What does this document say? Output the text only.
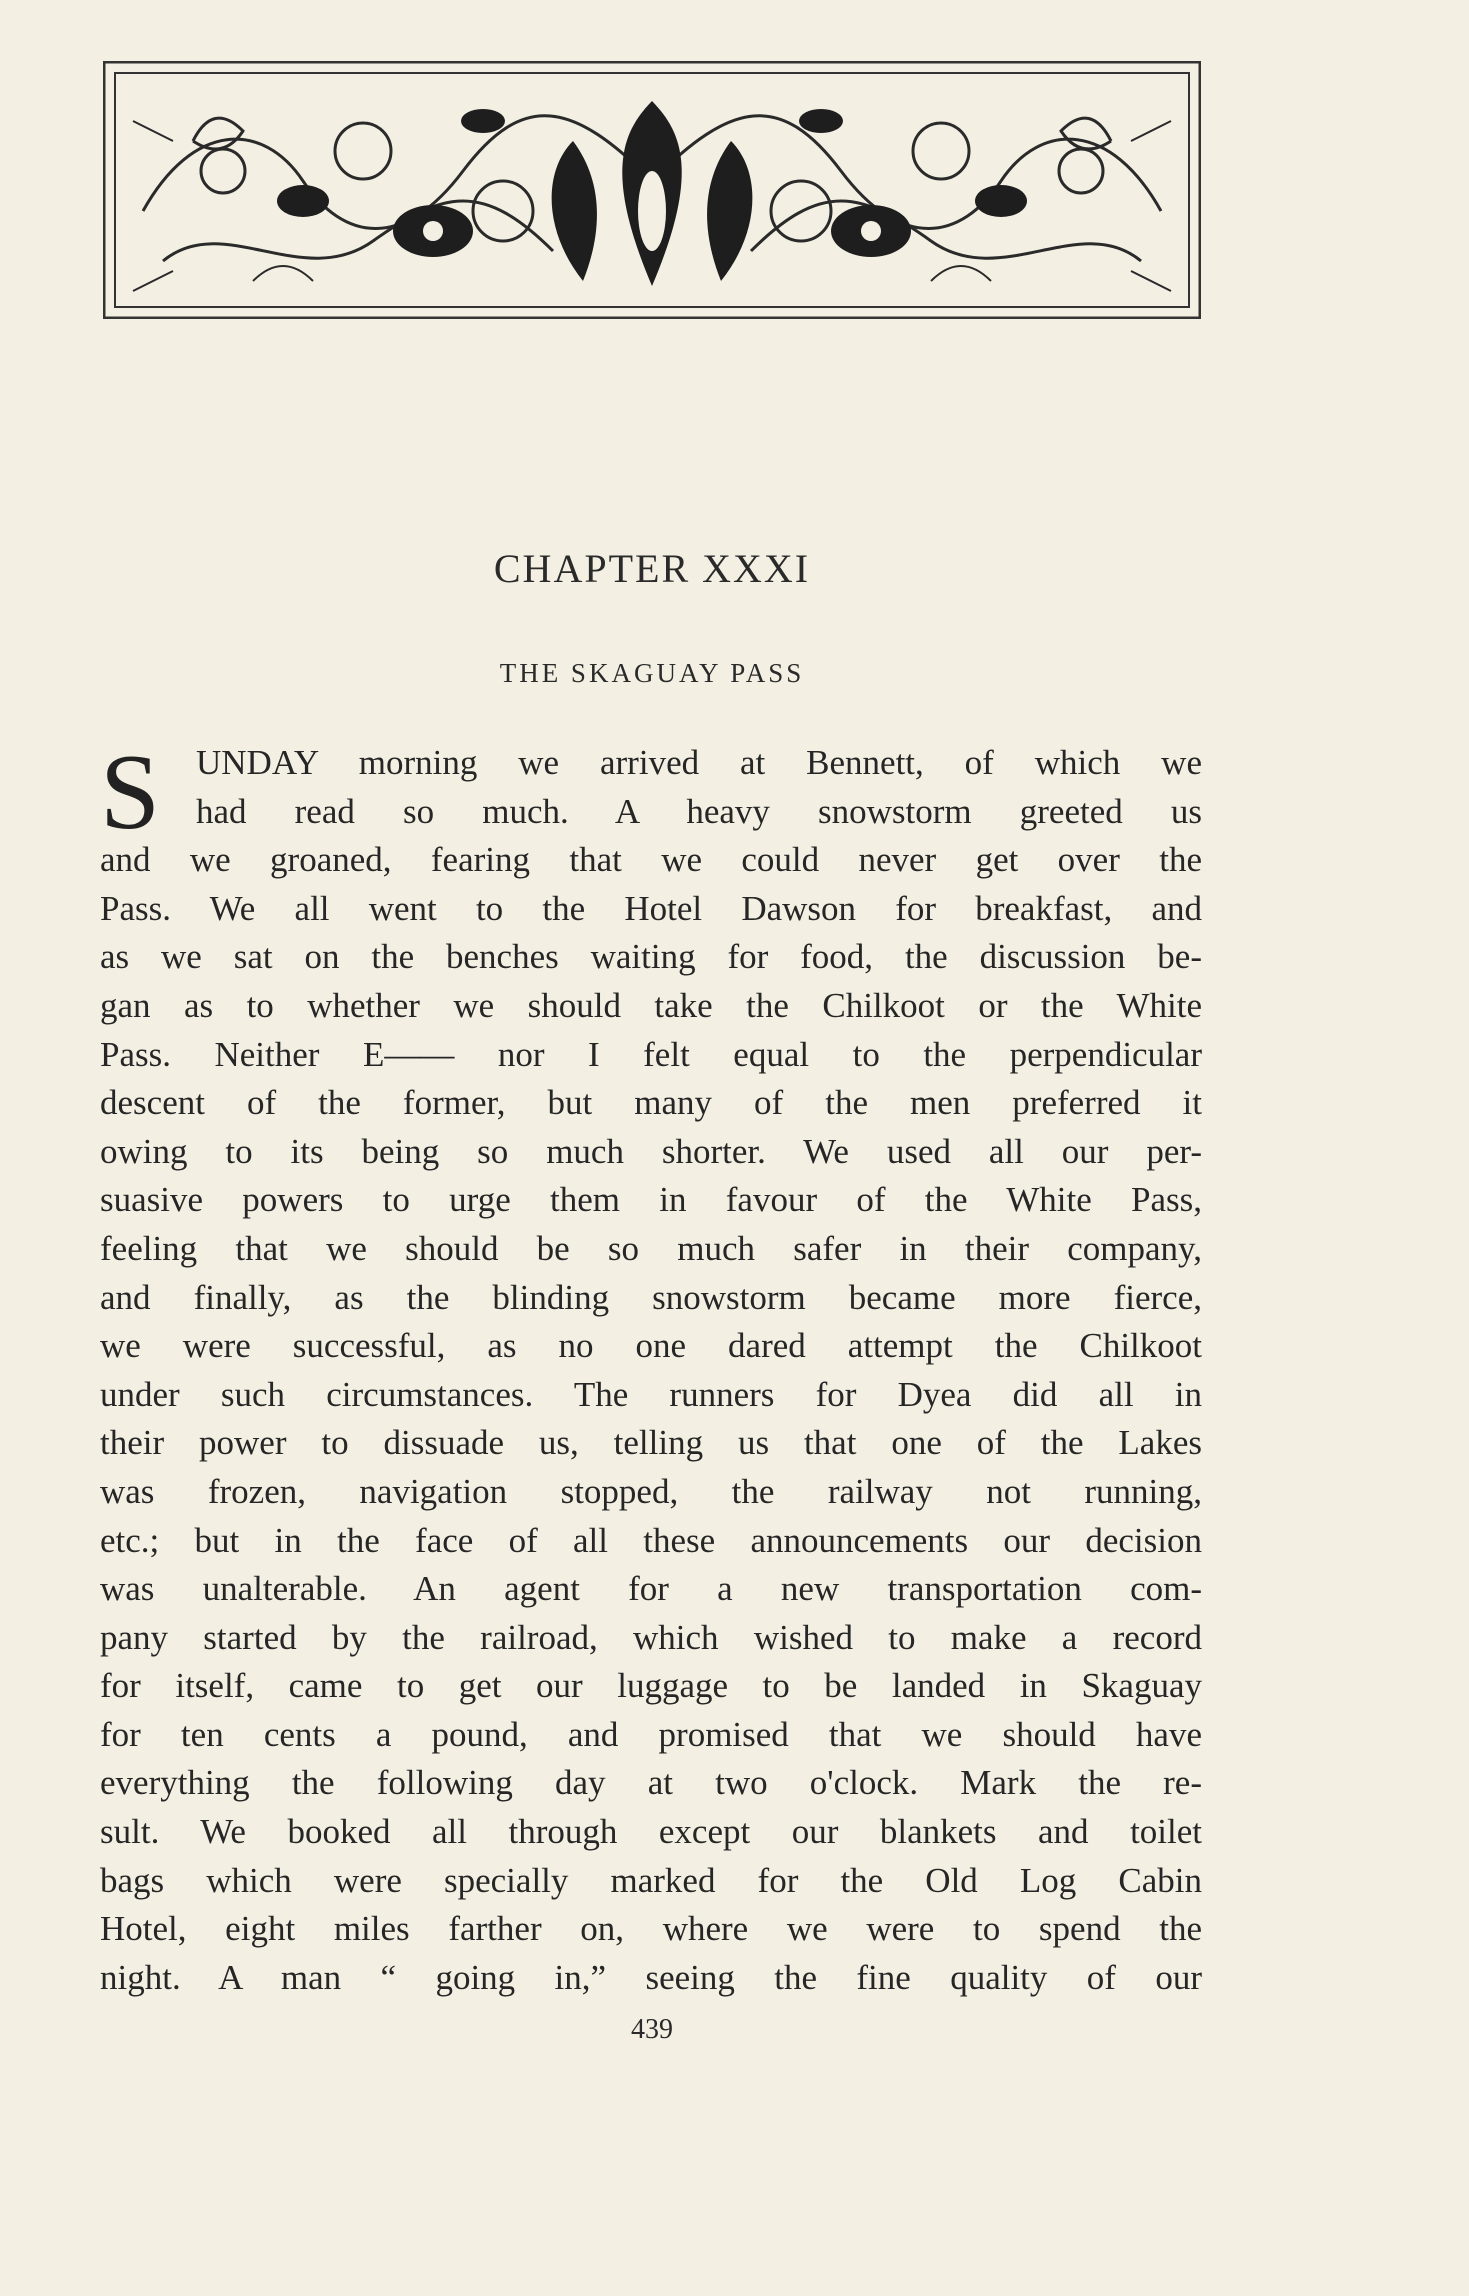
CHAPTER XXXI
THE SKAGUAY PASS
S	UNDAY morning we arrived at Bennett, of which we
had read so much. A heavy snowstorm greeted us
and we groaned, fearing that we could never get over the
Pass. We all went to the Hotel Dawson for breakfast, and
as we sat on the benches waiting for food, the discussion be-
gan as to whether we should take the Chilkoot or the White
Pass. Neither E—— nor I felt equal to the perpendicular
descent of the former, but many of the men preferred it
owing to its being so much shorter. We used all our per-
suasive powers to urge them in favour of the White Pass,
feeling that we should be so much safer in their company,
and finally, as the blinding snowstorm became more fierce,
we were successful, as no one dared attempt the Chilkoot
under such circumstances. The runners for Dyea did all in
their power to dissuade us, telling us that one of the Lakes
was frozen, navigation stopped, the railway not running,
etc.; but in the face of all these announcements our decision
was unalterable. An agent for a new transportation com-
pany started by the railroad, which wished to make a record
for itself, came to get our luggage to be landed in Skaguay
for ten cents a pound, and promised that we should have
everything the following day at two o'clock. Mark the re-
sult. We booked all through except our blankets and toilet
bags which were specially marked for the Old Log Cabin
Hotel, eight miles farther on, where we were to spend the
night. A man “ going in,” seeing the fine quality of our
439
